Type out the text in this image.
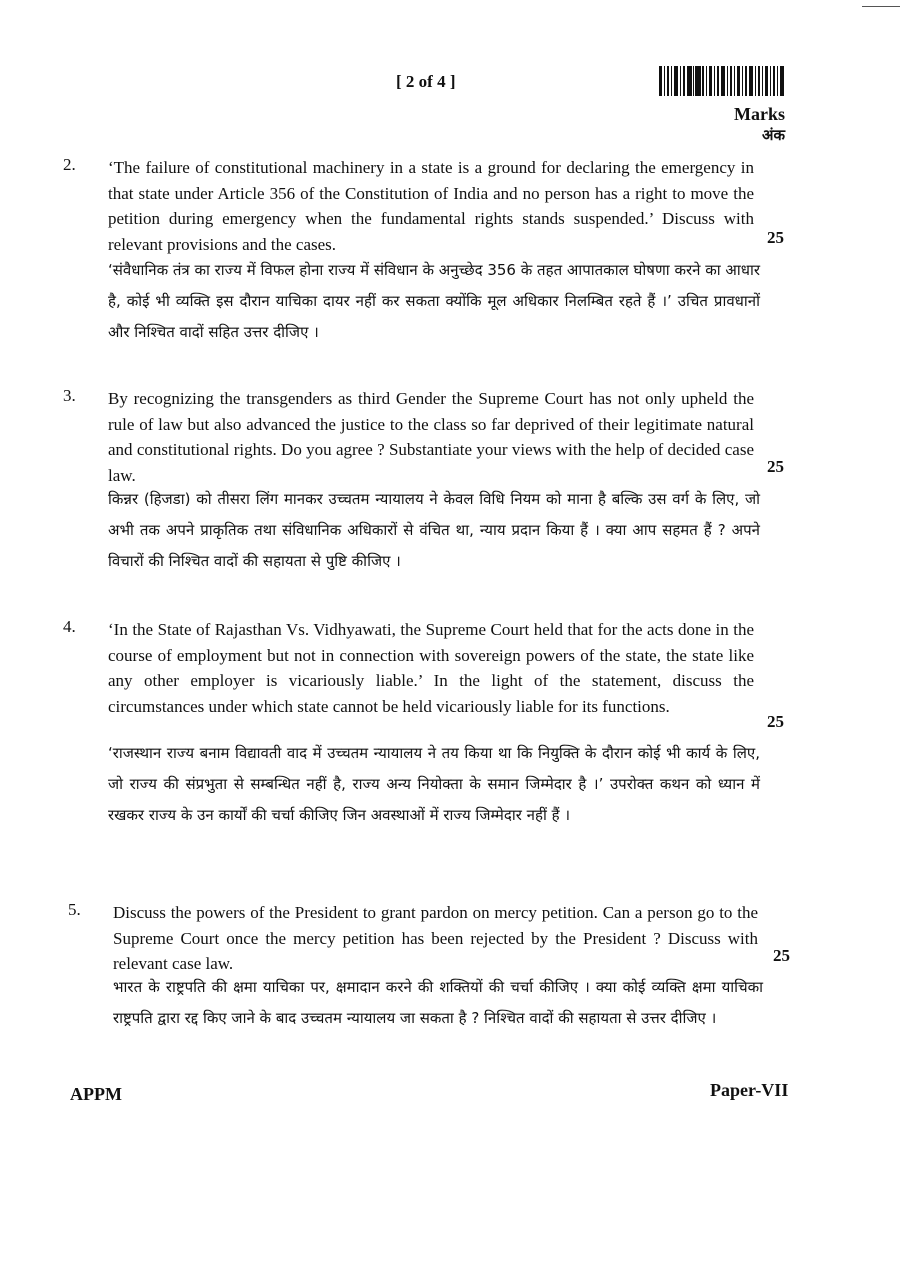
[ 2 of 4 ]
Marks
अंक
2. ‘The failure of constitutional machinery in a state is a ground for declaring the emergency in that state under Article 356 of the Constitution of India and no person has a right to move the petition during emergency when the fundamental rights stands suspended.’ Discuss with relevant provisions and the cases.	25
‘संवैधानिक तंत्र का राज्य में विफल होना राज्य में संविधान के अनुच्छेद 356 के तहत आपातकाल घोषणा करने का आधार है, कोई भी व्यक्ति इस दौरान याचिका दायर नहीं कर सकता क्योंकि मूल अधिकार निलम्बित रहते हैं ।’ उचित प्रावधानों और निश्चित वादों सहित उत्तर दीजिए ।
3. By recognizing the transgenders as third Gender the Supreme Court has not only upheld the rule of law but also advanced the justice to the class so far deprived of their legitimate natural and constitutional rights. Do you agree ? Substantiate your views with the help of decided case law.	25
किन्नर (हिजडा) को तीसरा लिंग मानकर उच्चतम न्यायालय ने केवल विधि नियम को माना है बल्कि उस वर्ग के लिए, जो अभी तक अपने प्राकृतिक तथा संविधानिक अधिकारों से वंचित था, न्याय प्रदान किया हैं । क्या आप सहमत हैं ? अपने विचारों की निश्चित वादों की सहायता से पुष्टि कीजिए ।
4. ‘In the State of Rajasthan Vs. Vidhyawati, the Supreme Court held that for the acts done in the course of employment but not in connection with sovereign powers of the state, the state like any other employer is vicariously liable.’ In the light of the statement, discuss the circumstances under which state cannot be held vicariously liable for its functions.
25
‘राजस्थान राज्य बनाम विद्यावती वाद में उच्चतम न्यायालय ने तय किया था कि नियुक्ति के दौरान कोई भी कार्य के लिए, जो राज्य की संप्रभुता से सम्बन्धित नहीं है, राज्य अन्य नियोक्ता के समान जिम्मेदार है ।’ उपरोक्त कथन को ध्यान में रखकर राज्य के उन कार्यों की चर्चा कीजिए जिन अवस्थाओं में राज्य जिम्मेदार नहीं हैं ।
5. Discuss the powers of the President to grant pardon on mercy petition. Can a person go to the Supreme Court once the mercy petition has been rejected by the President ? Discuss with relevant case law.	25
भारत के राष्ट्रपति की क्षमा याचिका पर, क्षमादान करने की शक्तियों की चर्चा कीजिए । क्या कोई व्यक्ति क्षमा याचिका राष्ट्रपति द्वारा रद्द किए जाने के बाद उच्चतम न्यायालय जा सकता है ? निश्चित वादों की सहायता से उत्तर दीजिए ।
APPM	Paper-VII
